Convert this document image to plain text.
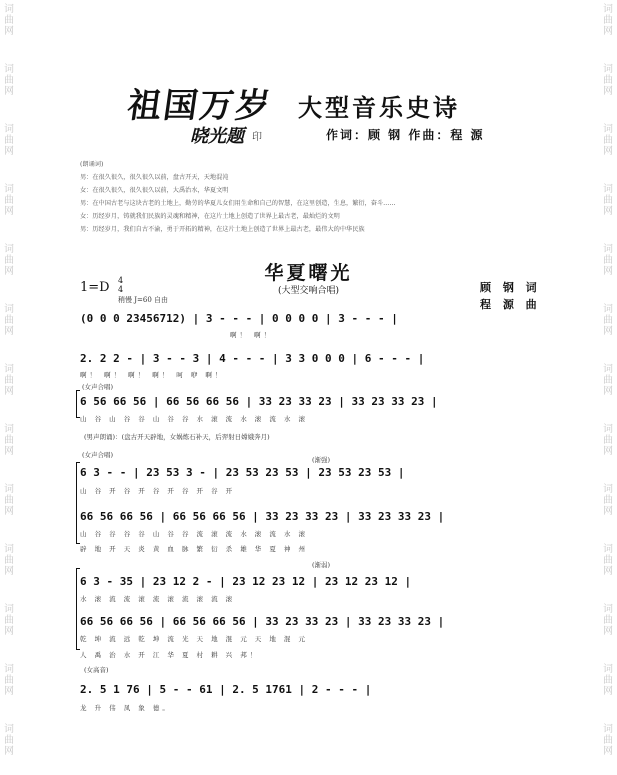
词
曲
网
词
曲
网
词
曲
网
词
曲
网
词
曲
网
词
曲
网
词
曲
网
词
曲
网
词
曲
网
词
曲
网
词
曲
网
词
曲
网
词
曲
网
词
曲
网
词
曲
网
词
曲
网
词
曲
网
词
曲
网
词
曲
网
词
曲
网
词
曲
网
词
曲
网
词
曲
网
词
曲
网
词
曲
网
词
曲
网
祖国万岁 大型音乐史诗
晓光题 印	作词：顾 钢 作曲：程 源
(朗诵词)
男：在很久很久，很久很久以前，盘古开天，天地混沌
女：在很久很久，很久很久以前，大禹治水，华夏文明
男：在中国古老与这块古老的土地上，勤劳的华夏儿女们用生命和自己的智慧，在这里创造，生息，繁衍，奋斗……
女：历经岁月，铸就我们民族的灵魂和精神，在这片土地上创造了世界上最古老，最灿烂的文明
男：历经岁月，我们自古不渝，勇于开拓的精神，在这片土地上创造了世界上最古老，最伟大的中华民族
华夏曙光
(大型交响合唱)
1=D 4
4
稍慢 J=60 自由
顾 钢 词
程 源 曲
(0 0 0 23456712) | 3 - - - | 0 0 0 0 | 3 - - - |
啊！ 啊！
2. 2 2 - | 3 - - 3 | 4 - - - | 3 3 0 0 0 | 6 - - - |
啊！ 啊！ 啊！ 啊！ 呵 咿 啊！
(女声合唱)
6 56 66 56 | 66 56 66 56 | 33 23 33 23 | 33 23 33 23 |
山 谷 山 谷 谷 山 谷 谷 水 滚 流 水 滚 流 水 滚
(男声朗诵)：(盘古开天辟地，女娲炼石补天，后羿射日嫦娥奔月)
(女声合唱)
(渐强)
6 3 - - | 23 53 3 - | 23 53 23 53 | 23 53 23 53 |
山 谷 开 谷 开 谷 开 谷 开 谷 开
66 56 66 56 | 66 56 66 56 | 33 23 33 23 | 33 23 33 23 |
山 谷 谷 谷 谷 山 谷 谷 流 滚 流 水 滚 流 水 滚
辟 地 开 天 炎 黄 血 脉 繁 衍 杀 雄 华 夏 神 州
(渐弱)
6 3 - 35 | 23 12 2 - | 23 12 23 12 | 23 12 23 12 |
水 滚 流 流 滚 流 滚 流 滚 流 滚
66 56 66 56 | 66 56 66 56 | 33 23 33 23 | 33 23 33 23 |
乾 坤 流 远 乾 坤 流 光 天 地 混 元 天 地 混 元
人 禹 治 水 开 江 华 夏 村 耕 兴 邦！
(女高音)
2. 5 1 76 | 5 - - 61 | 2. 5 1761 | 2 - - - |
龙 升 伟 凤 象 德。
